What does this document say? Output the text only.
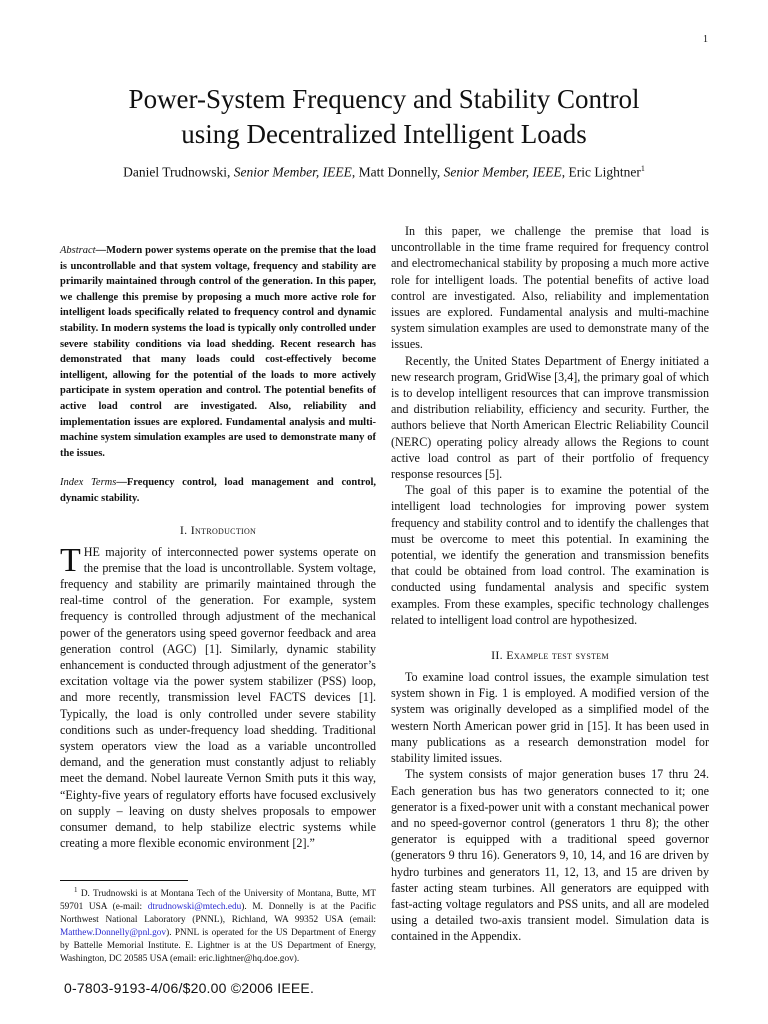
1
Power-System Frequency and Stability Control
using Decentralized Intelligent Loads
Daniel Trudnowski, Senior Member, IEEE, Matt Donnelly, Senior Member, IEEE, Eric Lightner$^1$

Abstract—Modern power systems operate on the premise that the load is uncontrollable and that system voltage, frequency and stability are primarily maintained through control of the generation. In this paper, we challenge this premise by proposing a much more active role for intelligent loads specifically related to frequency control and dynamic stability. In modern systems the load is typically only controlled under severe stability conditions via load shedding. Recent research has demonstrated that many loads could cost-effectively become intelligent, allowing for the potential of the loads to more actively participate in system operation and control. The potential benefits of active load control are investigated. Also, reliability and implementation issues are explored. Fundamental analysis and multi-machine system simulation examples are used to demonstrate many of the issues.

Index Terms—Frequency control, load management and control, dynamic stability.

I. Introduction

THE majority of interconnected power systems operate on the premise that the load is uncontrollable. System voltage, frequency and stability are primarily maintained through the real-time control of the generation. For example, system frequency is controlled through adjustment of the mechanical power of the generators using speed governor feedback and area generation control (AGC) [1]. Similarly, dynamic stability enhancement is conducted through adjustment of the generator’s excitation voltage via the power system stabilizer (PSS) loop, and more recently, transmission level FACTS devices [1]. Typically, the load is only controlled under severe stability conditions such as under-frequency load shedding. Traditional system operators view the load as a variable uncontrolled demand, and the generation must constantly adjust to reliably meet the demand. Nobel laureate Vernon Smith puts it this way, “Eighty-five years of regulatory efforts have focused exclusively on supply – leaving on dusty shelves proposals to empower consumer demand, to help stabilize electric systems while creating a more flexible economic environment [2].”

In this paper, we challenge the premise that load is uncontrollable in the time frame required for frequency control and electromechanical stability by proposing a much more active role for intelligent loads. The potential benefits of active load control are investigated. Also, reliability and implementation issues are explored. Fundamental analysis and multi-machine system simulation examples are used to demonstrate many of the issues.

Recently, the United States Department of Energy initiated a new research program, GridWise [3,4], the primary goal of which is to develop intelligent resources that can improve transmission and distribution reliability, efficiency and security. Further, the authors believe that North American Electric Reliability Council (NERC) operating policy already allows the Regions to count active load control as part of their portfolio of frequency response resources [5].

The goal of this paper is to examine the potential of the intelligent load technologies for improving power system frequency and stability control and to identify the challenges that must be overcome to meet this potential. In examining the potential, we identify the generation and transmission benefits that could be obtained from load control. The examination is conducted using fundamental analysis and specific system examples. From these examples, specific technology challenges related to intelligent load control are hypothesized.

II. Example test system

To examine load control issues, the example simulation test system shown in Fig. 1 is employed. A modified version of the system was originally developed as a simplified model of the western North American power grid in [15]. It has been used in many publications as a research demonstration model for stability limited issues.

The system consists of major generation buses 17 thru 24. Each generation bus has two generators connected to it; one generator is a fixed-power unit with a constant mechanical power and no speed-governor control (generators 1 thru 8); the other generator is equipped with a traditional speed governor (generators 9 thru 16). Generators 9, 10, 14, and 16 are driven by hydro turbines and generators 11, 12, 13, and 15 are driven by faster acting steam turbines. All generators are equipped with fast-acting voltage regulators and PSS units, and all are modeled using a detailed two-axis transient model. Simulation data is contained in the Appendix.

$^1$ D. Trudnowski is at Montana Tech of the University of Montana, Butte, MT 59701 USA (e-mail: dtrudnowski@mtech.edu). M. Donnelly is at the Pacific Northwest National Laboratory (PNNL), Richland, WA 99352 USA (email: Matthew.Donnelly@pnl.gov). PNNL is operated for the US Department of Energy by Battelle Memorial Institute. E. Lightner is at the US Department of Energy, Washington, DC 20585 USA (email: eric.lightner@hq.doe.gov).

0-7803-9193-4/06/$20.00 ©2006 IEEE.
